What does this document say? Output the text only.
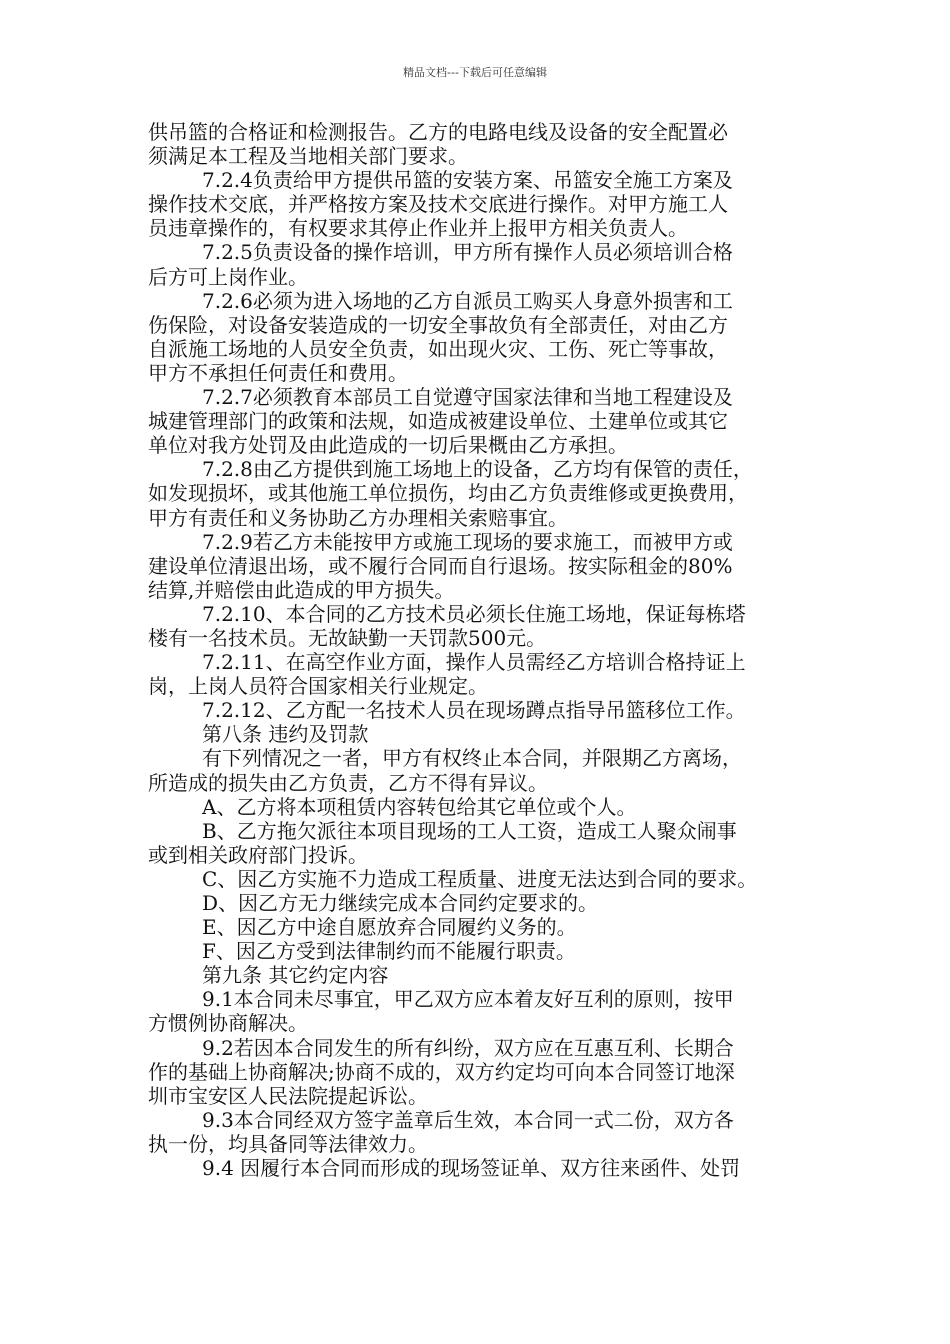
精品文档---下载后可任意编辑
供吊篮的合格证和检测报告。乙方的电路电线及设备的安全配置必
须满足本工程及当地相关部门要求。
7.2.4负责给甲方提供吊篮的安装方案、吊篮安全施工方案及
操作技术交底，并严格按方案及技术交底进行操作。对甲方施工人
员违章操作的，有权要求其停止作业并上报甲方相关负责人。
7.2.5负责设备的操作培训，甲方所有操作人员必须培训合格
后方可上岗作业。
7.2.6必须为进入场地的乙方自派员工购买人身意外损害和工
伤保险，对设备安装造成的一切安全事故负有全部责任，对由乙方
自派施工场地的人员安全负责，如出现火灾、工伤、死亡等事故，
甲方不承担任何责任和费用。
7.2.7必须教育本部员工自觉遵守国家法律和当地工程建设及
城建管理部门的政策和法规，如造成被建设单位、土建单位或其它
单位对我方处罚及由此造成的一切后果概由乙方承担。
7.2.8由乙方提供到施工场地上的设备，乙方均有保管的责任，
如发现损坏，或其他施工单位损伤，均由乙方负责维修或更换费用，
甲方有责任和义务协助乙方办理相关索赔事宜。
7.2.9若乙方未能按甲方或施工现场的要求施工，而被甲方或
建设单位清退出场，或不履行合同而自行退场。按实际租金的80%
结算,并赔偿由此造成的甲方损失。
7.2.10、本合同的乙方技术员必须长住施工场地，保证每栋塔
楼有一名技术员。无故缺勤一天罚款500元。
7.2.11、在高空作业方面，操作人员需经乙方培训合格持证上
岗，上岗人员符合国家相关行业规定。
7.2.12、乙方配一名技术人员在现场蹲点指导吊篮移位工作。
第八条 违约及罚款
有下列情况之一者，甲方有权终止本合同，并限期乙方离场，
所造成的损失由乙方负责，乙方不得有异议。
A、乙方将本项租赁内容转包给其它单位或个人。
B、乙方拖欠派往本项目现场的工人工资，造成工人聚众闹事
或到相关政府部门投诉。
C、因乙方实施不力造成工程质量、进度无法达到合同的要求。
D、因乙方无力继续完成本合同约定要求的。
E、因乙方中途自愿放弃合同履约义务的。
F、因乙方受到法律制约而不能履行职责。
第九条 其它约定内容
9.1本合同未尽事宜，甲乙双方应本着友好互利的原则，按甲
方惯例协商解决。
9.2若因本合同发生的所有纠纷，双方应在互惠互利、长期合
作的基础上协商解决;协商不成的，双方约定均可向本合同签订地深
圳市宝安区人民法院提起诉讼。
9.3本合同经双方签字盖章后生效，本合同一式二份，双方各
执一份，均具备同等法律效力。
9.4 因履行本合同而形成的现场签证单、双方往来函件、处罚
